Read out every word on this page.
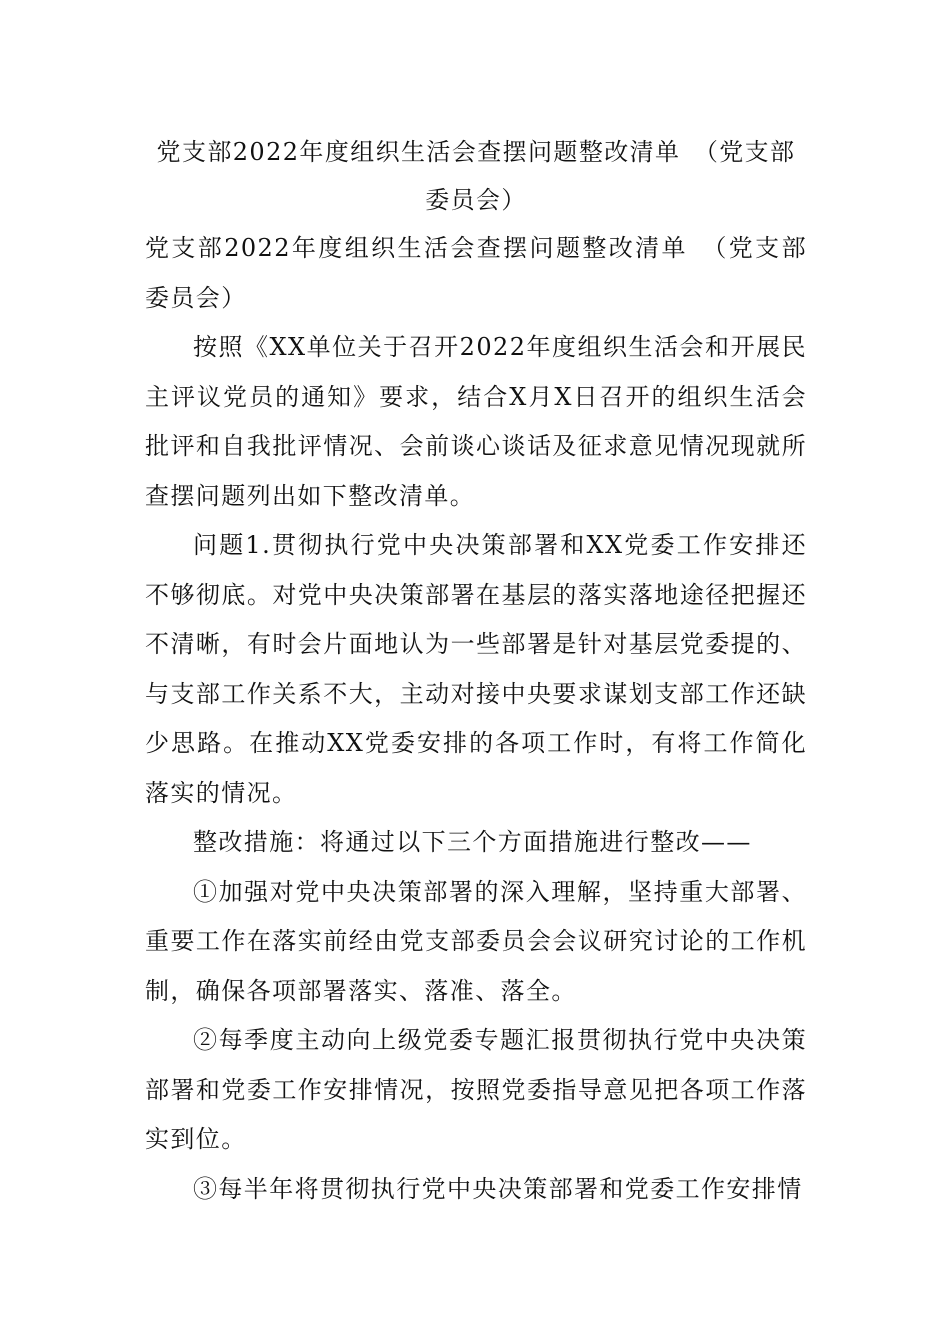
党支部2022年度组织生活会查摆问题整改清单　（党支部委员会）

党支部2022年度组织生活会查摆问题整改清单　（党支部委员会）

按照《XX单位关于召开2022年度组织生活会和开展民主评议党员的通知》要求，结合X月X日召开的组织生活会批评和自我批评情况、会前谈心谈话及征求意见情况现就所查摆问题列出如下整改清单。

问题1.贯彻执行党中央决策部署和XX党委工作安排还不够彻底。对党中央决策部署在基层的落实落地途径把握还不清晰，有时会片面地认为一些部署是针对基层党委提的、与支部工作关系不大，主动对接中央要求谋划支部工作还缺少思路。在推动XX党委安排的各项工作时，有将工作简化落实的情况。

整改措施：将通过以下三个方面措施进行整改——

①加强对党中央决策部署的深入理解，坚持重大部署、重要工作在落实前经由党支部委员会会议研究讨论的工作机制，确保各项部署落实、落准、落全。

②每季度主动向上级党委专题汇报贯彻执行党中央决策部署和党委工作安排情况，按照党委指导意见把各项工作落实到位。

③每半年将贯彻执行党中央决策部署和党委工作安排情
